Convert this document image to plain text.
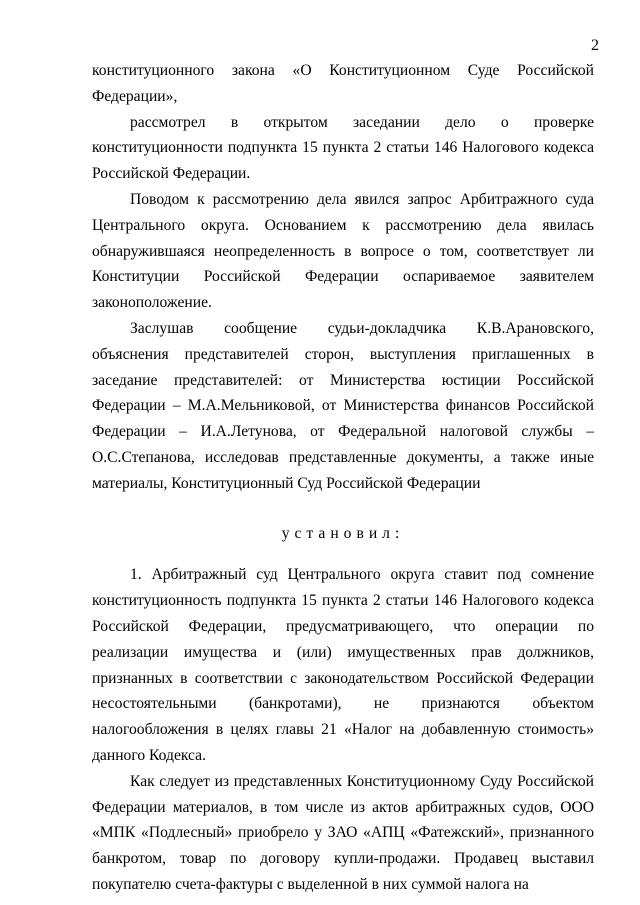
2

конституционного закона «О Конституционном Суде Российской Федерации»,

рассмотрел в открытом заседании дело о проверке конституционности подпункта 15 пункта 2 статьи 146 Налогового кодекса Российской Федерации.

Поводом к рассмотрению дела явился запрос Арбитражного суда Центрального округа. Основанием к рассмотрению дела явилась обнаружившаяся неопределенность в вопросе о том, соответствует ли Конституции Российской Федерации оспариваемое заявителем законоположение.

Заслушав сообщение судьи-докладчика К.В.Арановского, объяснения представителей сторон, выступления приглашенных в заседание представителей: от Министерства юстиции Российской Федерации – М.А.Мельниковой, от Министерства финансов Российской Федерации – И.А.Летунова, от Федеральной налоговой службы – О.С.Степанова, исследовав представленные документы, а также иные материалы, Конституционный Суд Российской Федерации

установил:

1. Арбитражный суд Центрального округа ставит под сомнение конституционность подпункта 15 пункта 2 статьи 146 Налогового кодекса Российской Федерации, предусматривающего, что операции по реализации имущества и (или) имущественных прав должников, признанных в соответствии с законодательством Российской Федерации несостоятельными (банкротами), не признаются объектом налогообложения в целях главы 21 «Налог на добавленную стоимость» данного Кодекса.

Как следует из представленных Конституционному Суду Российской Федерации материалов, в том числе из актов арбитражных судов, ООО «МПК «Подлесный» приобрело у ЗАО «АПЦ «Фатежский», признанного банкротом, товар по договору купли-продажи. Продавец выставил покупателю счета-фактуры с выделенной в них суммой налога на
